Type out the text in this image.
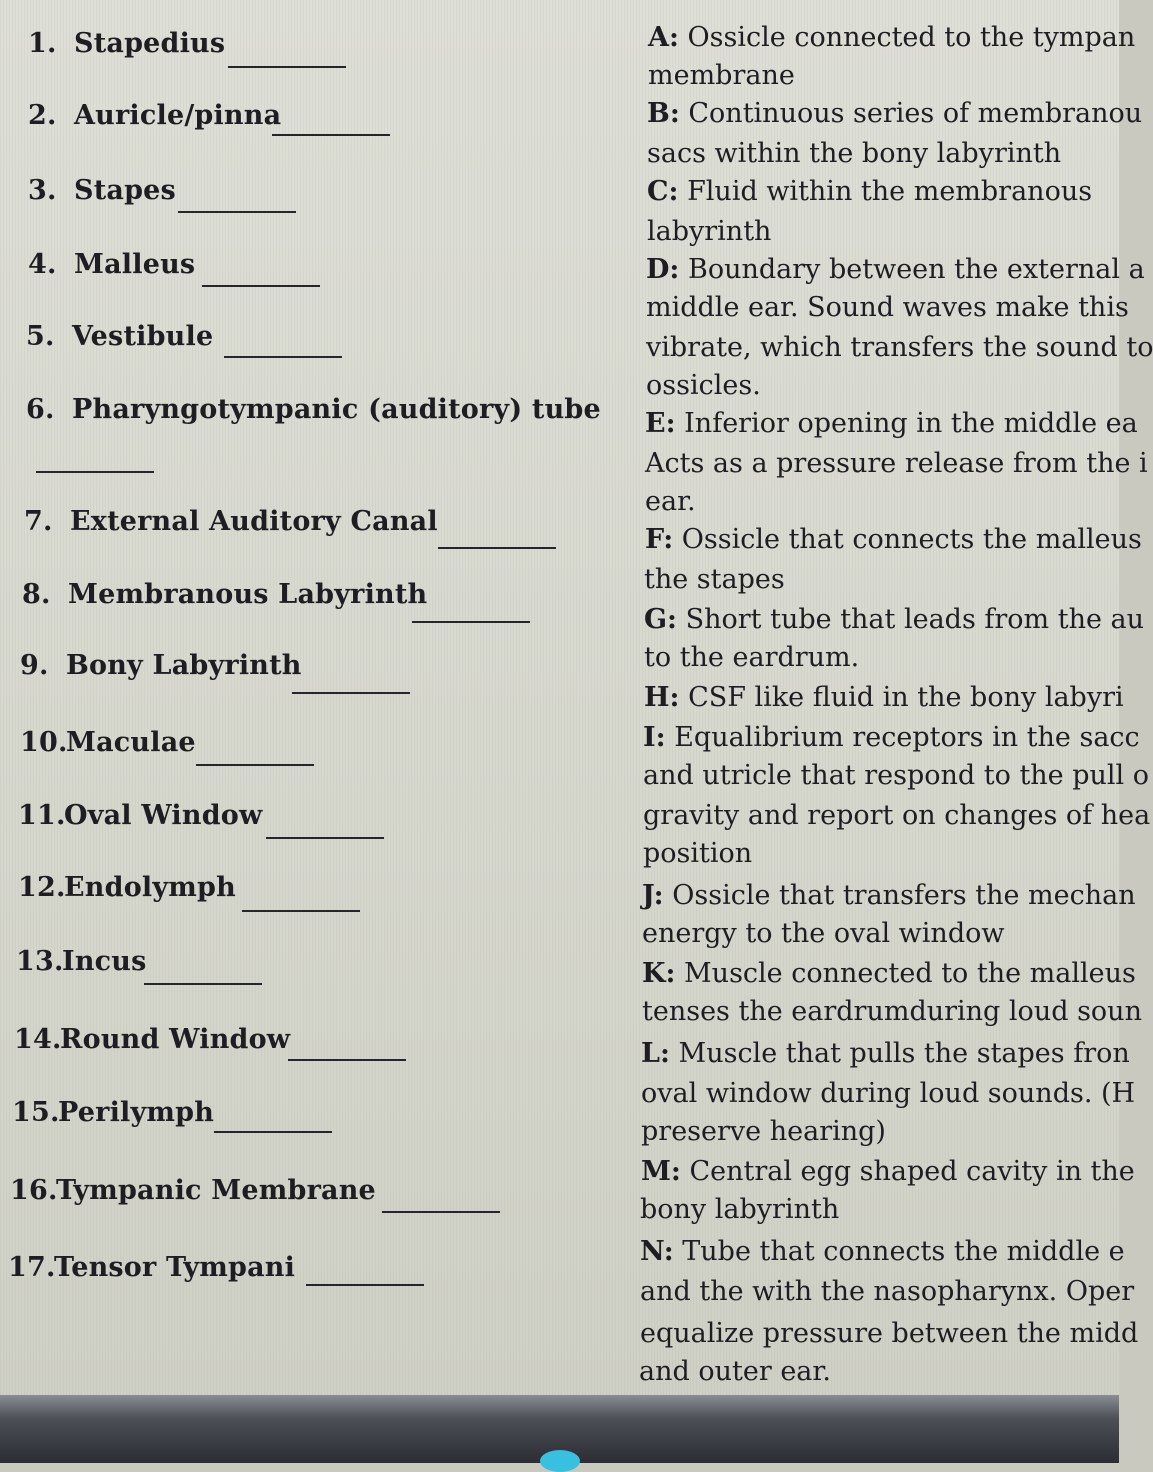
1. Stapedius
2. Auricle/pinna
3. Stapes
4. Malleus
5. Vestibule
6. Pharyngotympanic (auditory) tube
7. External Auditory Canal
8. Membranous Labyrinth
9. Bony Labyrinth
10.Maculae
11.Oval Window
12.Endolymph
13.Incus
14.Round Window
15.Perilymph
16.Tympanic Membrane
17.Tensor Tympani
A: Ossicle connected to the tympan
membrane
B: Continuous series of membranou
sacs within the bony labyrinth
C: Fluid within the membranous
labyrinth
D: Boundary between the external a
middle ear. Sound waves make this
vibrate, which transfers the sound to
ossicles.
E: Inferior opening in the middle ea
Acts as a pressure release from the i
ear.
F: Ossicle that connects the malleus
the stapes
G: Short tube that leads from the au
to the eardrum.
H: CSF like fluid in the bony labyri
I: Equalibrium receptors in the sacc
and utricle that respond to the pull o
gravity and report on changes of hea
position
J: Ossicle that transfers the mechan
energy to the oval window
K: Muscle connected to the malleus
tenses the eardrumduring loud soun
L: Muscle that pulls the stapes fron
oval window during loud sounds. (H
preserve hearing)
M: Central egg shaped cavity in the
bony labyrinth
N: Tube that connects the middle e
and the with the nasopharynx. Oper
equalize pressure between the midd
and outer ear.
